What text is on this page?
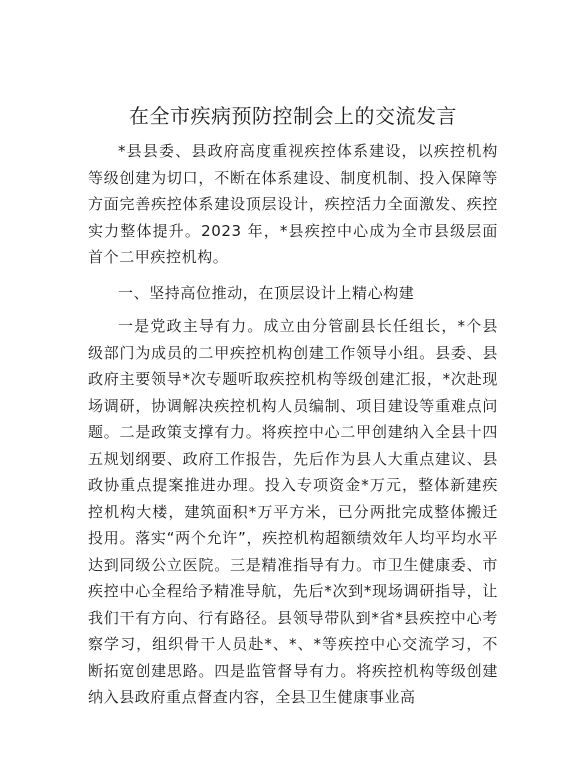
在全市疾病预防控制会上的交流发言

*县县委、县政府高度重视疾控体系建设，以疾控机构等级创建为切口，不断在体系建设、制度机制、投入保障等方面完善疾控体系建设顶层设计，疾控活力全面激发、疾控实力整体提升。2023 年，*县疾控中心成为全市县级层面首个二甲疾控机构。

一、坚持高位推动，在顶层设计上精心构建

一是党政主导有力。成立由分管副县长任组长，*个县级部门为成员的二甲疾控机构创建工作领导小组。县委、县政府主要领导*次专题听取疾控机构等级创建汇报，*次赴现场调研，协调解决疾控机构人员编制、项目建设等重难点问题。二是政策支撑有力。将疾控中心二甲创建纳入全县十四五规划纲要、政府工作报告，先后作为县人大重点建议、县政协重点提案推进办理。投入专项资金*万元，整体新建疾控机构大楼，建筑面积*万平方米，已分两批完成整体搬迁投用。落实“两个允许”，疾控机构超额绩效年人均平均水平达到同级公立医院。三是精准指导有力。市卫生健康委、市疾控中心全程给予精准导航，先后*次到*现场调研指导，让我们干有方向、行有路径。县领导带队到*省*县疾控中心考察学习，组织骨干人员赴*、*、*等疾控中心交流学习，不断拓宽创建思路。四是监管督导有力。将疾控机构等级创建纳入县政府重点督查内容，全县卫生健康事业高
